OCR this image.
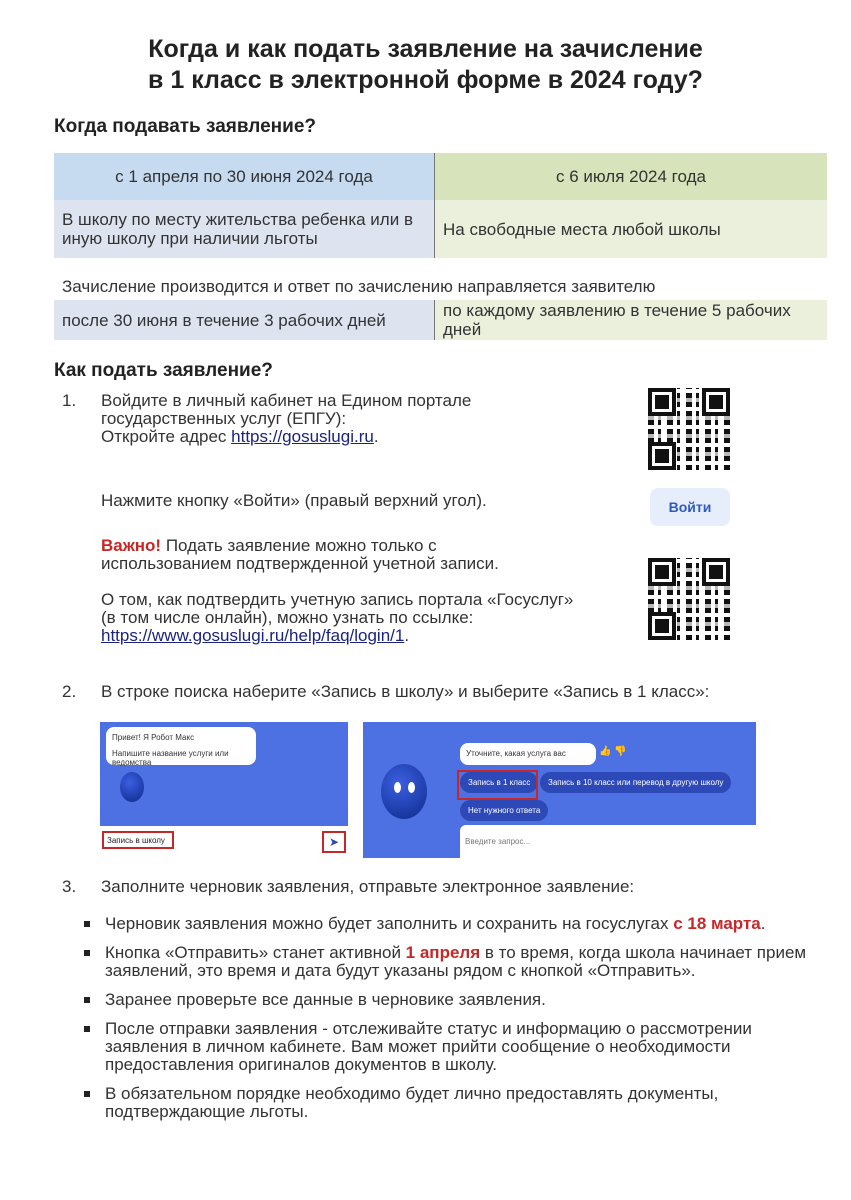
Когда и как подать заявление на зачисление
в 1 класс в электронной форме в 2024 году?
Когда подавать заявление?
с 1 апреля по 30 июня 2024 года	с 6 июля 2024 года
В школу по месту жительства ребенка или в иную школу при наличии льготы	На свободные места любой школы
Зачисление производится и ответ по зачислению направляется заявителю
после 30 июня в течение 3 рабочих дней	по каждому заявлению в течение 5 рабочих дней
Как подать заявление?
1. Войдите в личный кабинет на Едином портале государственных услуг (ЕПГУ):
Откройте адрес https://gosuslugi.ru.
Нажмите кнопку «Войти» (правый верхний угол).	Войти
Важно! Подать заявление можно только с использованием подтвержденной учетной записи.
О том, как подтвердить учетную запись портала «Госуслуг» (в том числе онлайн), можно узнать по ссылке:
https://www.gosuslugi.ru/help/faq/login/1.
2. В строке поиска наберите «Запись в школу» и выберите «Запись в 1 класс»:
Привет! Я Робот Макс
Напишите название услуги или ведомства
Запись в школу	➤
Уточните, какая услуга вас	👍 👎
Запись в 1 класс	Запись в 10 класс или перевод в другую школу
Нет нужного ответа
Введите запрос...
3. Заполните черновик заявления, отправьте электронное заявление:
Черновик заявления можно будет заполнить и сохранить на госуслугах с 18 марта.
Кнопка «Отправить» станет активной 1 апреля в то время, когда школа начинает прием заявлений, это время и дата будут указаны рядом с кнопкой «Отправить».
Заранее проверьте все данные в черновике заявления.
После отправки заявления - отслеживайте статус и информацию о рассмотрении заявления в личном кабинете. Вам может прийти сообщение о необходимости предоставления оригиналов документов в школу.
В обязательном порядке необходимо будет лично предоставлять документы, подтверждающие льготы.
